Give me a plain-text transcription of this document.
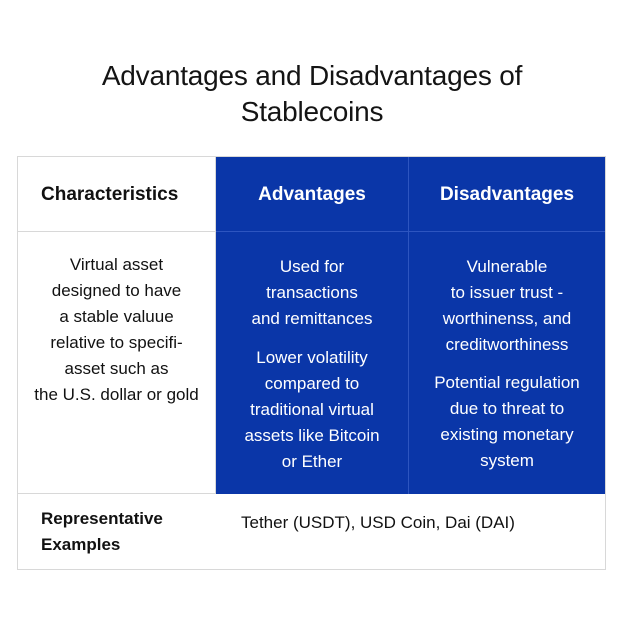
Advantages and Disadvantages of
Stablecoins
Characteristics	Advantages	Disadvantages
Virtual asset
designed to have
a stable valuue
relative to specifi-
asset such as
the U.S. dollar or gold
Used for
transactions
and remittances
Lower volatility
compared to
traditional virtual
assets like Bitcoin
or Ether
Vulnerable
to issuer trust -
worthinenss, and
creditworthiness
Potential regulation
due to threat to
existing monetary
system
Representative
Examples
Tether (USDT), USD Coin, Dai (DAI)
